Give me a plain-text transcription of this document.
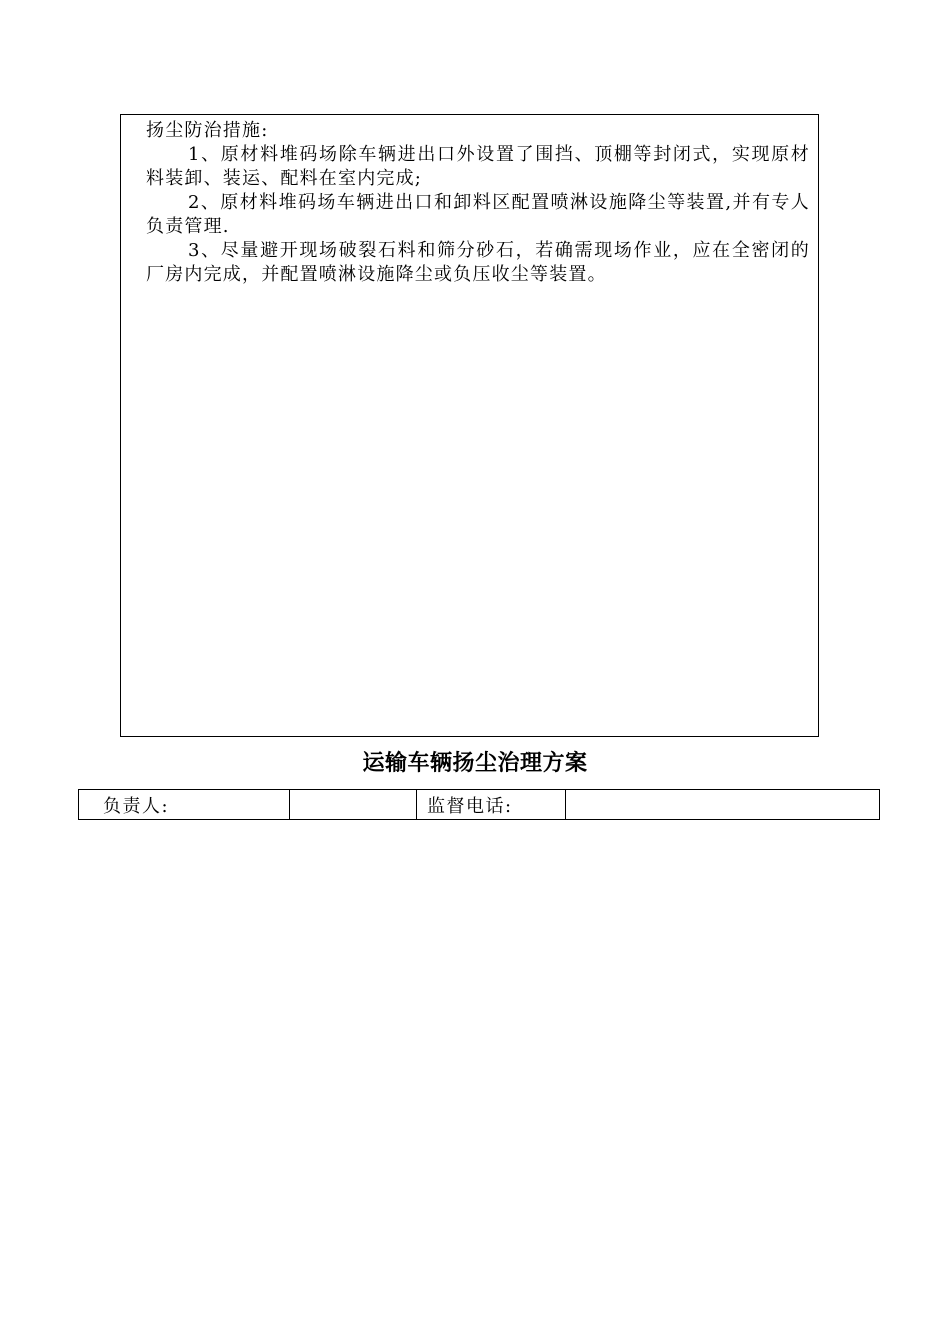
扬尘防治措施:

1、原材料堆码场除车辆进出口外设置了围挡、顶棚等封闭式，实现原材料装卸、装运、配料在室内完成;

2、原材料堆码场车辆进出口和卸料区配置喷淋设施降尘等装置,并有专人负责管理.

3、尽量避开现场破裂石料和筛分砂石，若确需现场作业，应在全密闭的厂房内完成，并配置喷淋设施降尘或负压收尘等装置。

运输车辆扬尘治理方案
负责人:		监督电话:	
